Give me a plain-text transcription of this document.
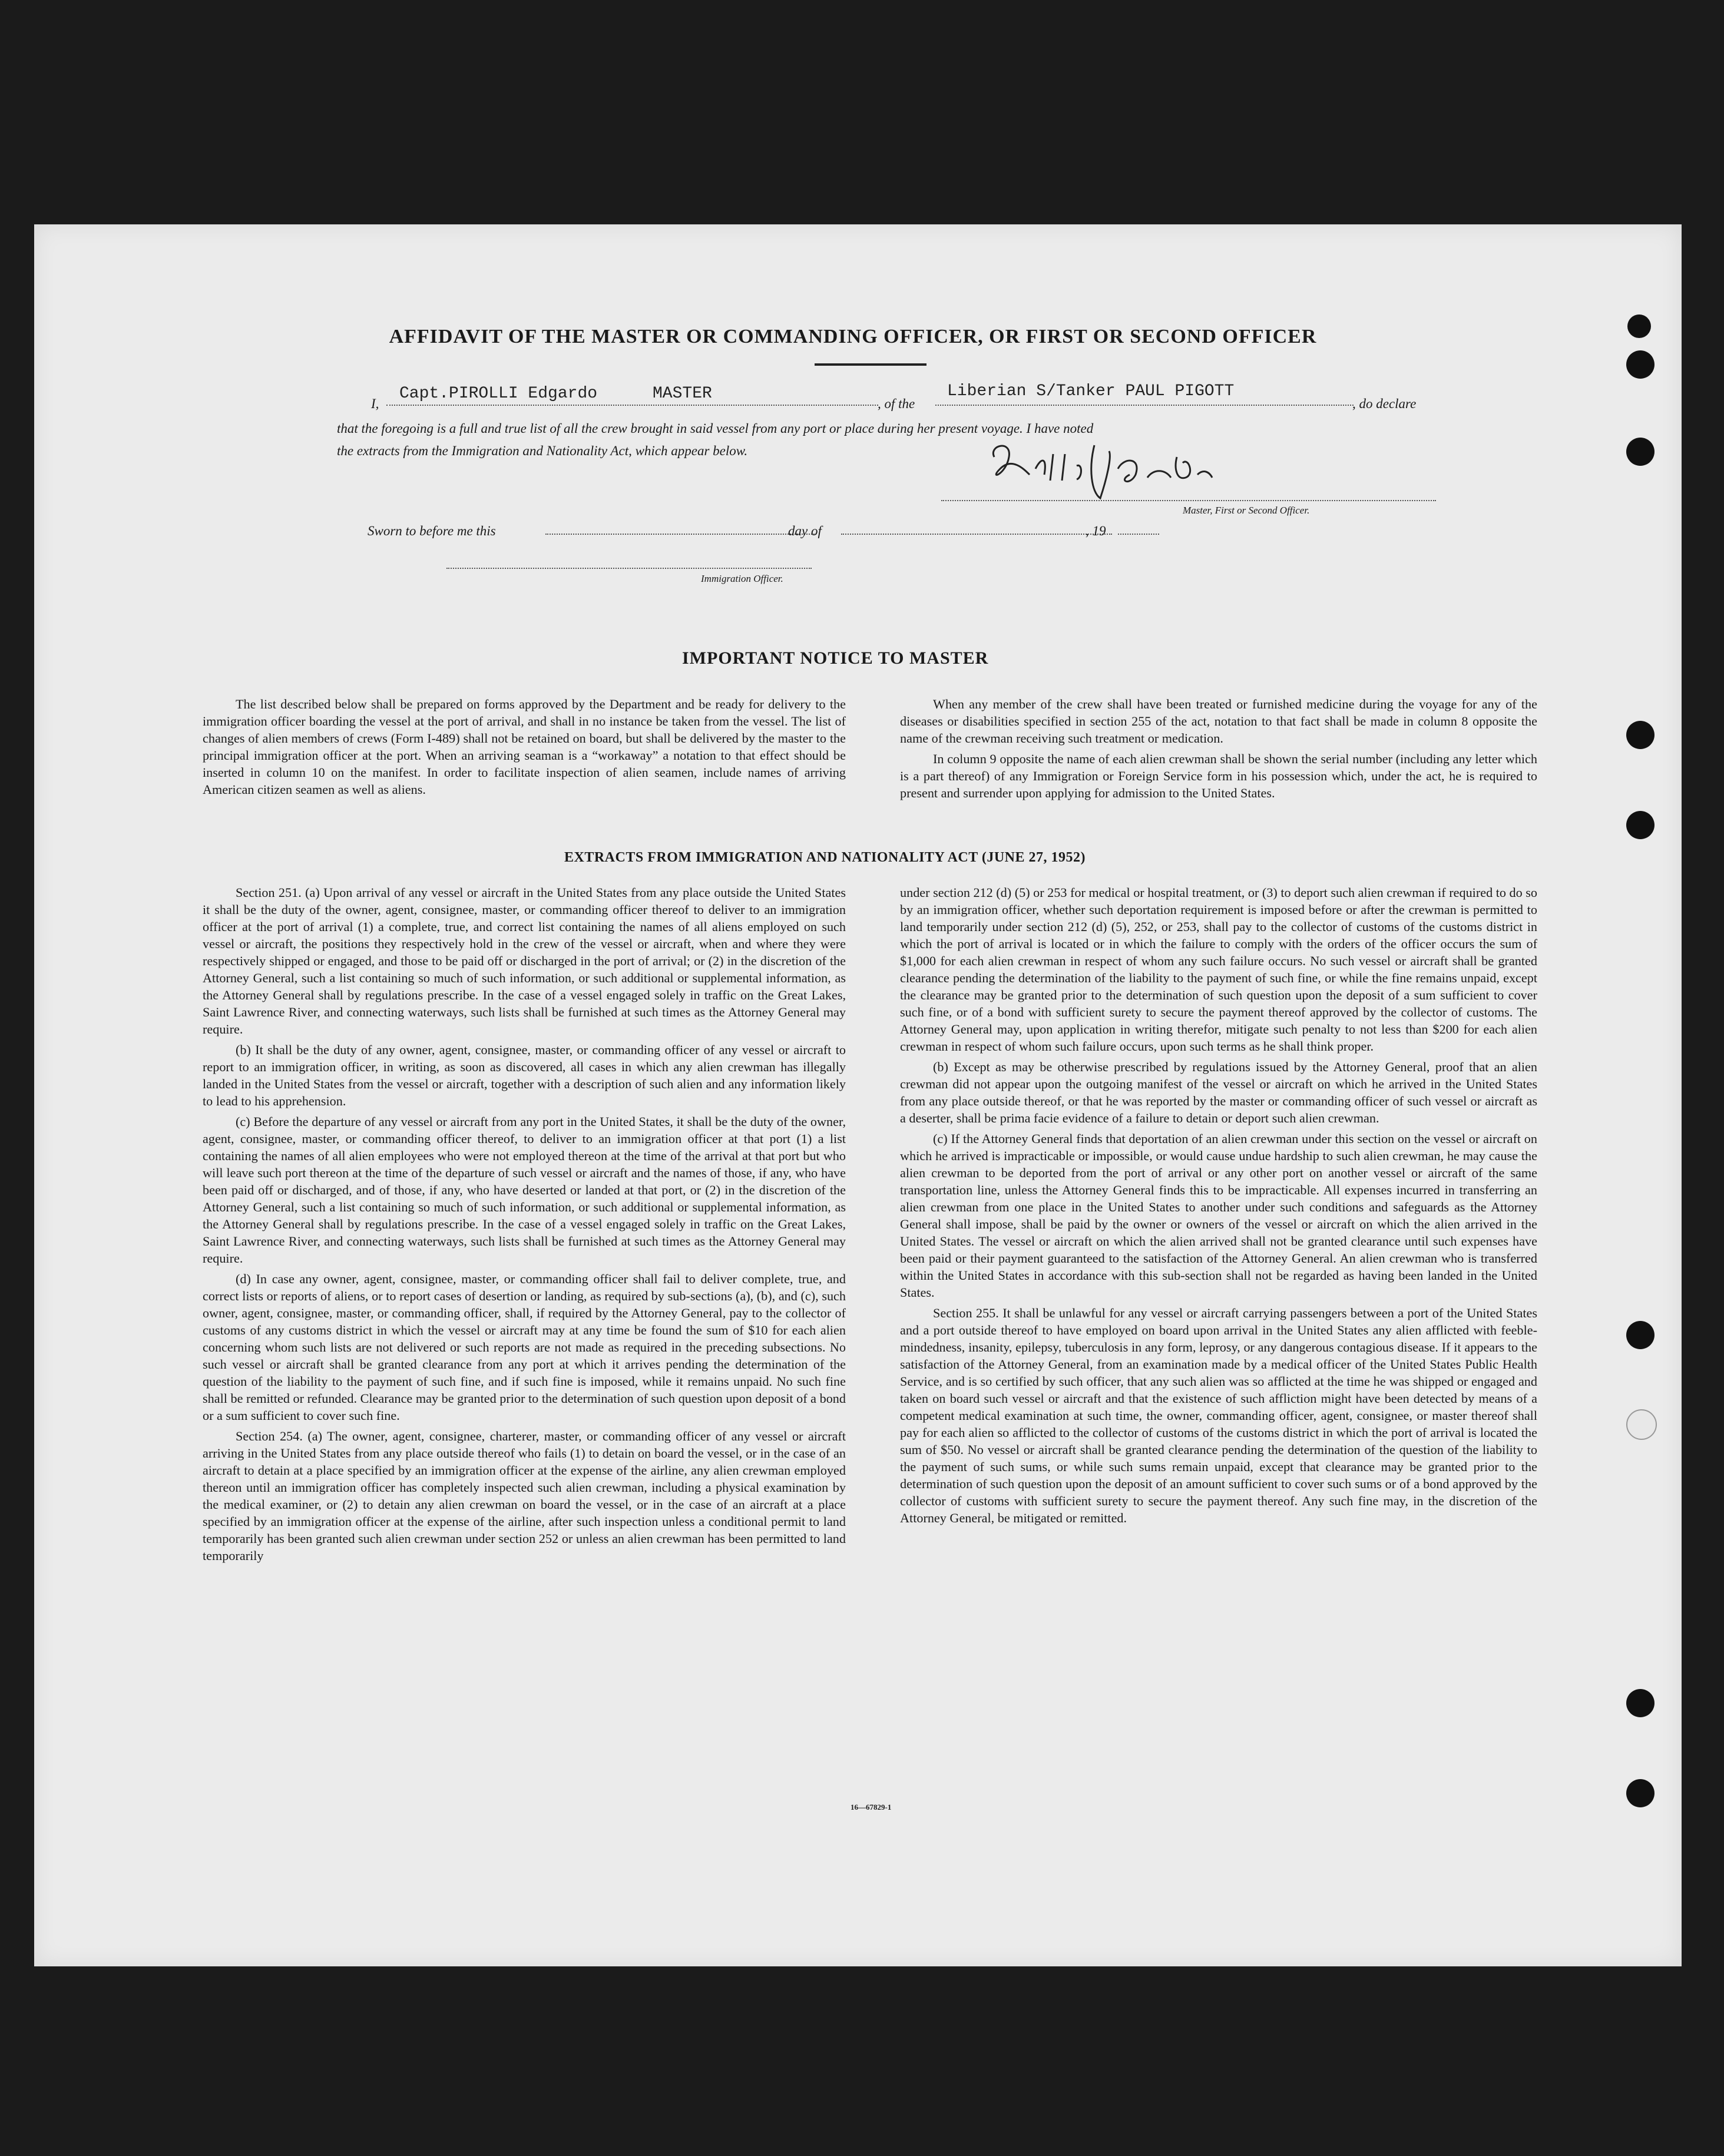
AFFIDAVIT OF THE MASTER OR COMMANDING OFFICER, OR FIRST OR SECOND OFFICER
I,
Capt.PIROLLI Edgardo	MASTER
, of the
Liberian S/Tanker PAUL PIGOTT
, do declare
that the foregoing is a full and true list of all the crew brought in said vessel from any port or place during her present voyage. I have noted
the extracts from the Immigration and Nationality Act, which appear below.
Master, First or Second Officer.
Sworn to before me this	day of	, 19
Immigration Officer.
IMPORTANT NOTICE TO MASTER

The list described below shall be prepared on forms approved by the Department and be ready for delivery to the immigration officer boarding the vessel at the port of arrival, and shall in no instance be taken from the vessel. The list of changes of alien members of crews (Form I-489) shall not be retained on board, but shall be delivered by the master to the principal immigration officer at the port. When an arriving seaman is a “workaway” a notation to that effect should be inserted in column 10 on the manifest. In order to facilitate inspection of alien seamen, include names of arriving American citizen seamen as well as aliens.

When any member of the crew shall have been treated or furnished medicine during the voyage for any of the diseases or disabilities specified in section 255 of the act, notation to that fact shall be made in column 8 opposite the name of the crewman receiving such treatment or medication.

In column 9 opposite the name of each alien crewman shall be shown the serial number (including any letter which is a part thereof) of any Immigration or Foreign Service form in his possession which, under the act, he is required to present and surrender upon applying for admission to the United States.

EXTRACTS FROM IMMIGRATION AND NATIONALITY ACT (JUNE 27, 1952)

Section 251. (a) Upon arrival of any vessel or aircraft in the United States from any place outside the United States it shall be the duty of the owner, agent, consignee, master, or commanding officer thereof to deliver to an immigration officer at the port of arrival (1) a complete, true, and correct list containing the names of all aliens employed on such vessel or aircraft, the positions they respectively hold in the crew of the vessel or aircraft, when and where they were respectively shipped or engaged, and those to be paid off or discharged in the port of arrival; or (2) in the discretion of the Attorney General, such a list containing so much of such information, or such additional or supplemental information, as the Attorney General shall by regulations prescribe. In the case of a vessel engaged solely in traffic on the Great Lakes, Saint Lawrence River, and connecting waterways, such lists shall be furnished at such times as the Attorney General may require.

(b) It shall be the duty of any owner, agent, consignee, master, or commanding officer of any vessel or aircraft to report to an immigration officer, in writing, as soon as discovered, all cases in which any alien crewman has illegally landed in the United States from the vessel or aircraft, together with a description of such alien and any information likely to lead to his apprehension.

(c) Before the departure of any vessel or aircraft from any port in the United States, it shall be the duty of the owner, agent, consignee, master, or commanding officer thereof, to deliver to an immigration officer at that port (1) a list containing the names of all alien employees who were not employed thereon at the time of the arrival at that port but who will leave such port thereon at the time of the departure of such vessel or aircraft and the names of those, if any, who have been paid off or discharged, and of those, if any, who have deserted or landed at that port, or (2) in the discretion of the Attorney General, such a list containing so much of such information, or such additional or supplemental information, as the Attorney General shall by regulations prescribe. In the case of a vessel engaged solely in traffic on the Great Lakes, Saint Lawrence River, and connecting waterways, such lists shall be furnished at such times as the Attorney General may require.

(d) In case any owner, agent, consignee, master, or commanding officer shall fail to deliver complete, true, and correct lists or reports of aliens, or to report cases of desertion or landing, as required by sub-sections (a), (b), and (c), such owner, agent, consignee, master, or commanding officer, shall, if required by the Attorney General, pay to the collector of customs of any customs district in which the vessel or aircraft may at any time be found the sum of $10 for each alien concerning whom such lists are not delivered or such reports are not made as required in the preceding subsections. No such vessel or aircraft shall be granted clearance from any port at which it arrives pending the determination of the question of the liability to the payment of such fine, and if such fine is imposed, while it remains unpaid. No such fine shall be remitted or refunded. Clearance may be granted prior to the determination of such question upon deposit of a bond or a sum sufficient to cover such fine.

Section 254. (a) The owner, agent, consignee, charterer, master, or commanding officer of any vessel or aircraft arriving in the United States from any place outside thereof who fails (1) to detain on board the vessel, or in the case of an aircraft to detain at a place specified by an immigration officer at the expense of the airline, any alien crewman employed thereon until an immigration officer has completely inspected such alien crewman, including a physical examination by the medical examiner, or (2) to detain any alien crewman on board the vessel, or in the case of an aircraft at a place specified by an immigration officer at the expense of the airline, after such inspection unless a conditional permit to land temporarily has been granted such alien crewman under section 252 or unless an alien crewman has been permitted to land temporarily

under section 212 (d) (5) or 253 for medical or hospital treatment, or (3) to deport such alien crewman if required to do so by an immigration officer, whether such deportation requirement is imposed before or after the crewman is permitted to land temporarily under section 212 (d) (5), 252, or 253, shall pay to the collector of customs of the customs district in which the port of arrival is located or in which the failure to comply with the orders of the officer occurs the sum of $1,000 for each alien crewman in respect of whom any such failure occurs. No such vessel or aircraft shall be granted clearance pending the determination of the liability to the payment of such fine, or while the fine remains unpaid, except the clearance may be granted prior to the determination of such question upon the deposit of a sum sufficient to cover such fine, or of a bond with sufficient surety to secure the payment thereof approved by the collector of customs. The Attorney General may, upon application in writing therefor, mitigate such penalty to not less than $200 for each alien crewman in respect of whom such failure occurs, upon such terms as he shall think proper.

(b) Except as may be otherwise prescribed by regulations issued by the Attorney General, proof that an alien crewman did not appear upon the outgoing manifest of the vessel or aircraft on which he arrived in the United States from any place outside thereof, or that he was reported by the master or commanding officer of such vessel or aircraft as a deserter, shall be prima facie evidence of a failure to detain or deport such alien crewman.

(c) If the Attorney General finds that deportation of an alien crewman under this section on the vessel or aircraft on which he arrived is impracticable or impossible, or would cause undue hardship to such alien crewman, he may cause the alien crewman to be deported from the port of arrival or any other port on another vessel or aircraft of the same transportation line, unless the Attorney General finds this to be impracticable. All expenses incurred in transferring an alien crewman from one place in the United States to another under such conditions and safeguards as the Attorney General shall impose, shall be paid by the owner or owners of the vessel or aircraft on which the alien arrived in the United States. The vessel or aircraft on which the alien arrived shall not be granted clearance until such expenses have been paid or their payment guaranteed to the satisfaction of the Attorney General. An alien crewman who is transferred within the United States in accordance with this sub-section shall not be regarded as having been landed in the United States.

Section 255. It shall be unlawful for any vessel or aircraft carrying passengers between a port of the United States and a port outside thereof to have employed on board upon arrival in the United States any alien afflicted with feeble-mindedness, insanity, epilepsy, tuberculosis in any form, leprosy, or any dangerous contagious disease. If it appears to the satisfaction of the Attorney General, from an examination made by a medical officer of the United States Public Health Service, and is so certified by such officer, that any such alien was so afflicted at the time he was shipped or engaged and taken on board such vessel or aircraft and that the existence of such affliction might have been detected by means of a competent medical examination at such time, the owner, commanding officer, agent, consignee, or master thereof shall pay for each alien so afflicted to the collector of customs of the customs district in which the port of arrival is located the sum of $50. No vessel or aircraft shall be granted clearance pending the determination of the question of the liability to the payment of such sums, or while such sums remain unpaid, except that clearance may be granted prior to the determination of such question upon the deposit of an amount sufficient to cover such sums or of a bond approved by the collector of customs with sufficient surety to secure the payment thereof. Any such fine may, in the discretion of the Attorney General, be mitigated or remitted.

16—67829-1
